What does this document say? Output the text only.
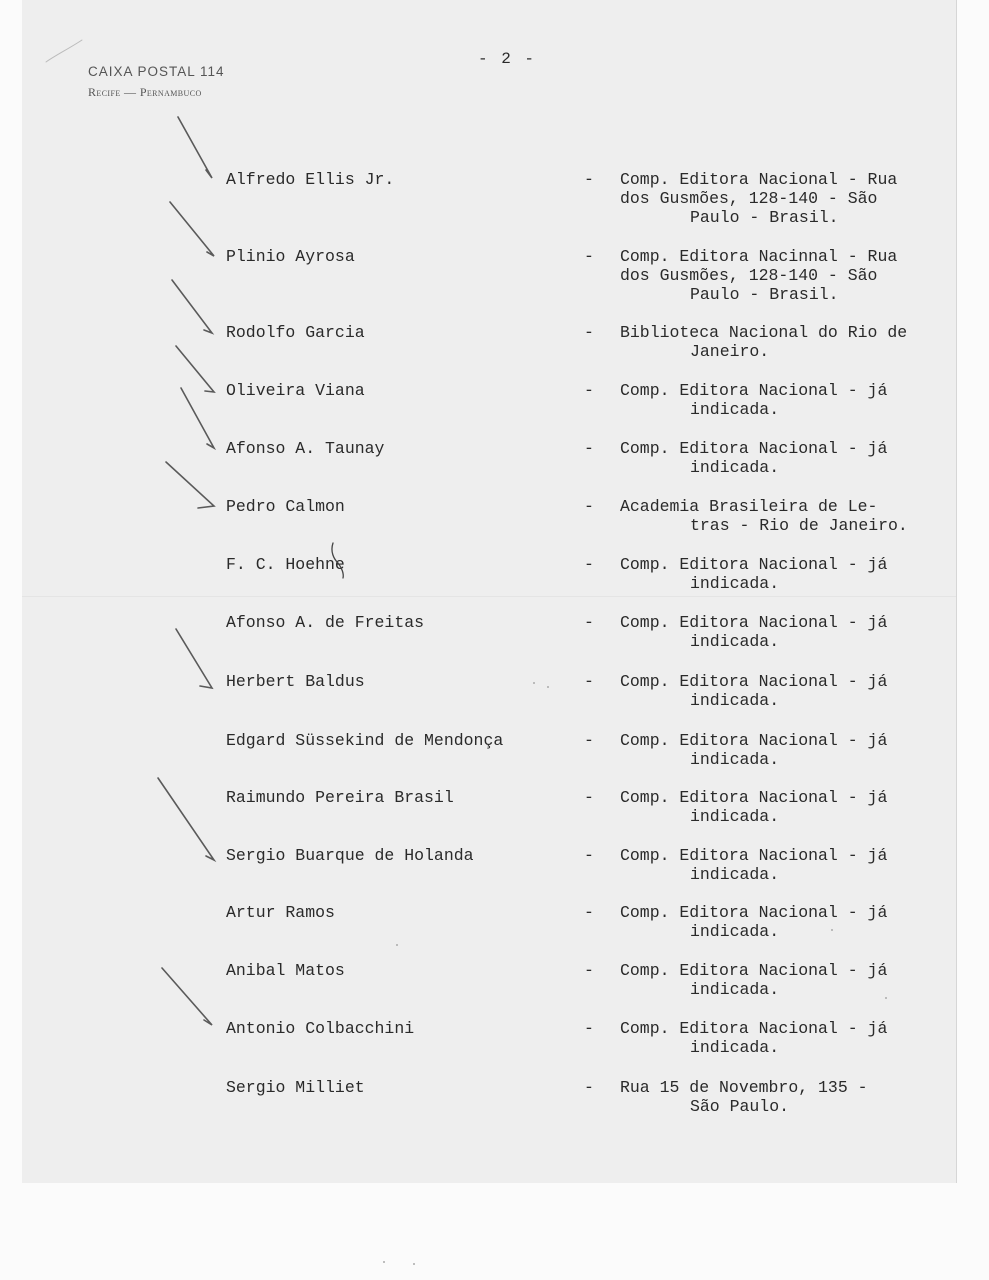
CAIXA POSTAL 114
Recife — Pernambuco
- 2 -
Alfredo Ellis Jr.	- Comp. Editora Nacional - Rua
dos Gusmões, 128-140 - São
Paulo - Brasil.
Plinio Ayrosa	- Comp. Editora Nacinnal - Rua
dos Gusmões, 128-140 - São
Paulo - Brasil.
Rodolfo Garcia	- Biblioteca Nacional do Rio de
Janeiro.
Oliveira Viana	- Comp. Editora Nacional - já
indicada.
Afonso A. Taunay	- Comp. Editora Nacional - já
indicada.
Pedro Calmon	- Academia Brasileira de Le-
tras - Rio de Janeiro.
F. C. Hoehne	- Comp. Editora Nacional - já
indicada.
Afonso A. de Freitas	- Comp. Editora Nacional - já
indicada.
Herbert Baldus	- Comp. Editora Nacional - já
indicada.
Edgard Süssekind de Mendonça	- Comp. Editora Nacional - já
indicada.
Raimundo Pereira Brasil	- Comp. Editora Nacional - já
indicada.
Sergio Buarque de Holanda	- Comp. Editora Nacional - já
indicada.
Artur Ramos	- Comp. Editora Nacional - já
indicada.
Anibal Matos	- Comp. Editora Nacional - já
indicada.
Antonio Colbacchini	- Comp. Editora Nacional - já
indicada.
Sergio Milliet	- Rua 15 de Novembro, 135 -
São Paulo.
